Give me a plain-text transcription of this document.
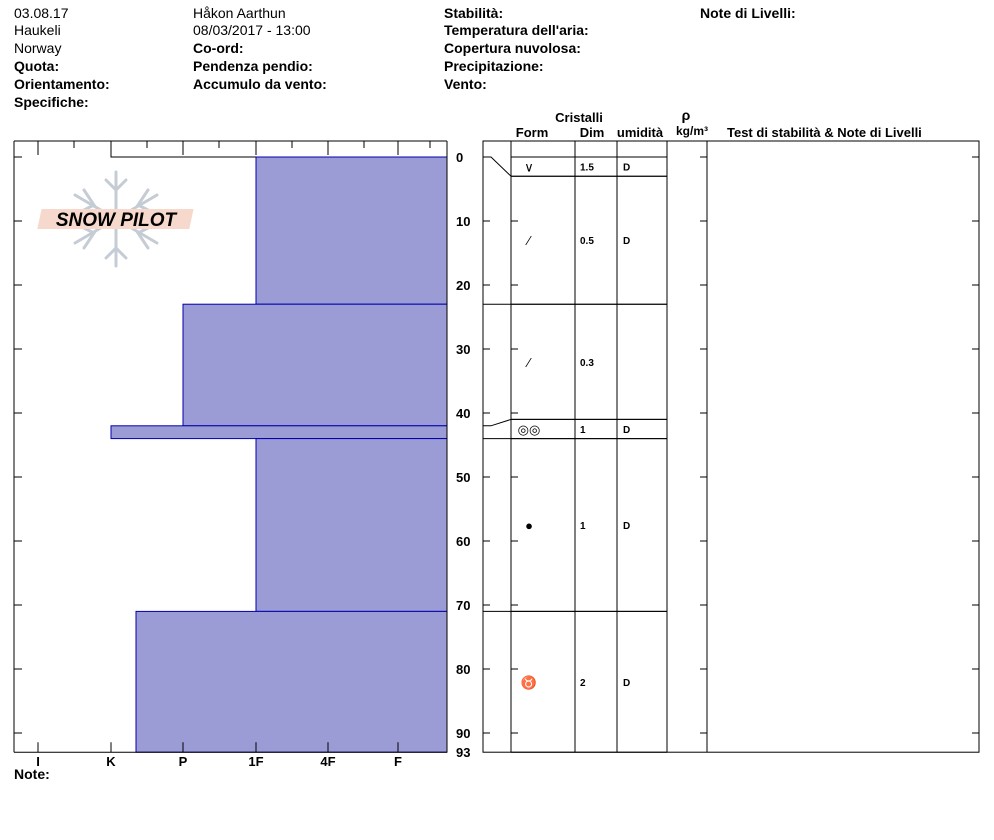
03.08.17
Haukeli
Norway
Quota:
Orientamento:
Specifiche:
Håkon Aarthun
08/03/2017 - 13:00
Co-ord:
Pendenza pendio:
Accumulo da vento:
Stabilità:
Temperatura dell'aria:
Copertura nuvolosa:
Precipitazione:
Vento:
Note di Livelli:
Note:
SNOW PILOT
0
10
20
30
40
50
60
70
80
90
93
I	K	P	1F	4F	F
Cristalli
Form Dim umidità
ρ
kg/m³ Test di stabilità & Note di Livelli
∨	1.5	D
⁄	0.5	D
⁄	0.3
◎◎	1	D
●	1	D
♉	2	D
